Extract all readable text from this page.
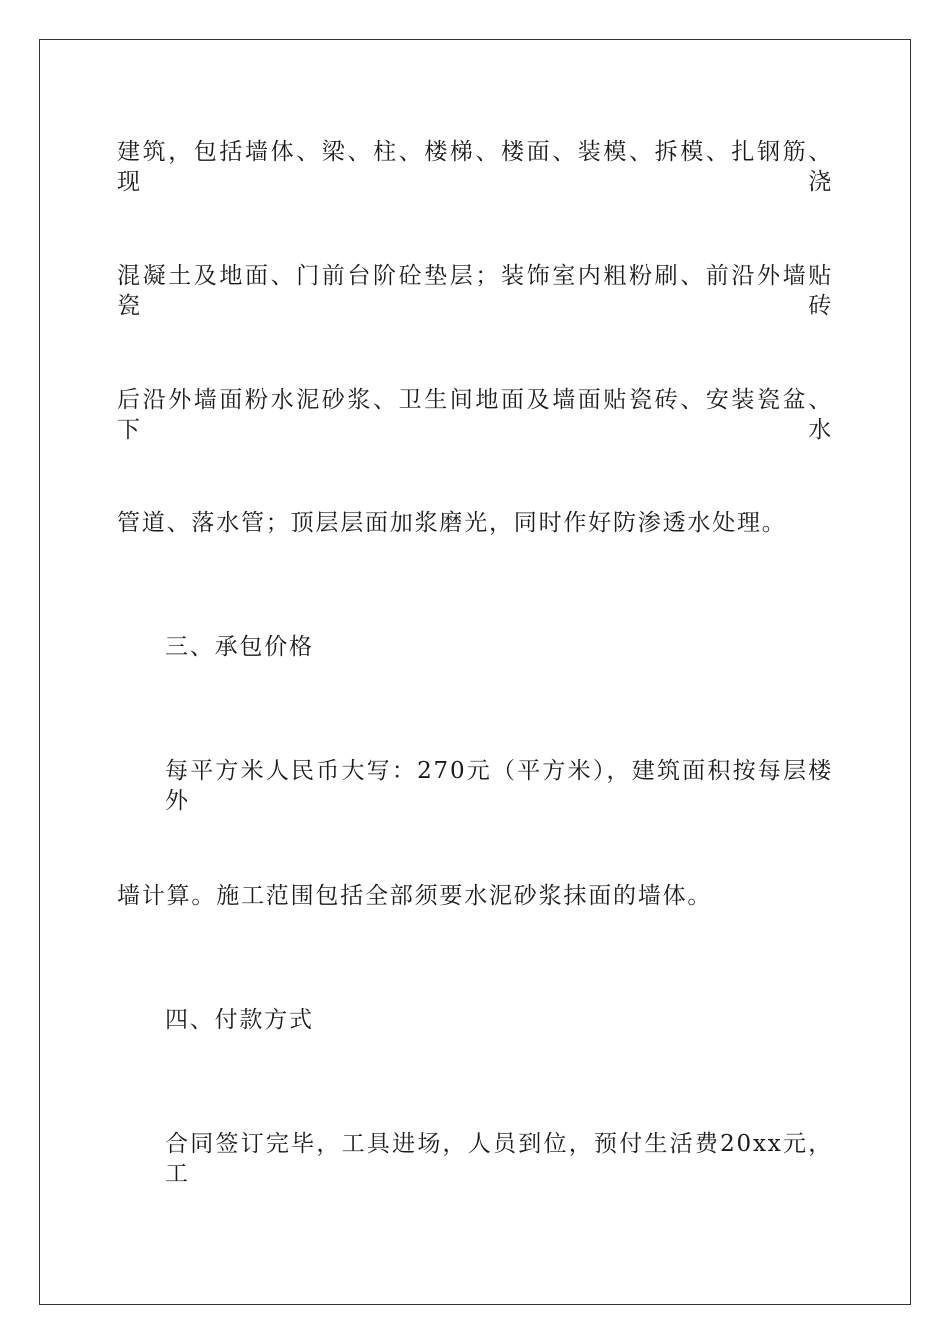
建筑，包括墙体、梁、柱、楼梯、楼面、装模、拆模、扎钢筋、现浇
混凝土及地面、门前台阶砼垫层；装饰室内粗粉刷、前沿外墙贴瓷砖
后沿外墙面粉水泥砂浆、卫生间地面及墙面贴瓷砖、安装瓷盆、下水
管道、落水管；顶层层面加浆磨光，同时作好防渗透水处理。
三、承包价格
每平方米人民币大写：270元（平方米），建筑面积按每层楼外
墙计算。施工范围包括全部须要水泥砂浆抹面的墙体。
四、付款方式
合同签订完毕，工具进场，人员到位，预付生活费20xx元，工
